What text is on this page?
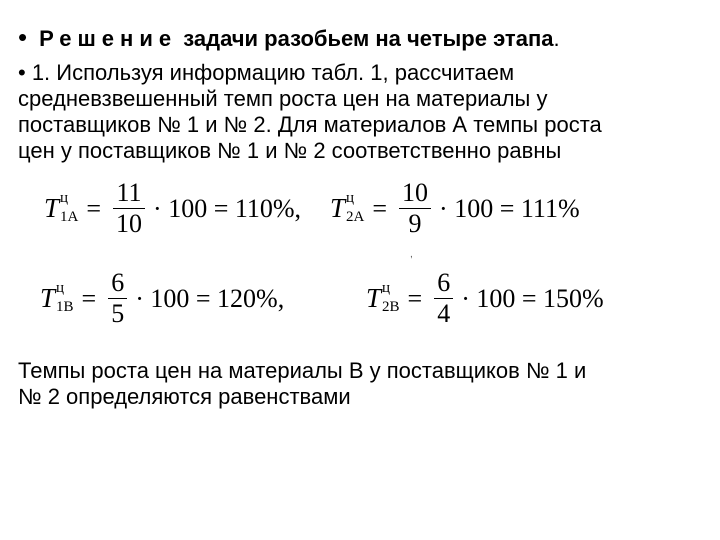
• Решение задачи разобьем на четыре этапа.
• 1. Используя информацию табл. 1, рассчитаем
средневзвешенный темп роста цен на материалы у
поставщиков № 1 и № 2. Для материалов А темпы роста
цен у поставщиков № 1 и № 2 соответственно равны
T ц
$1A = \frac{11}{10} \cdot 100 = 110\%$, T ц
$2A = \frac{10}{9} \cdot 100 = 111\%$
,
T ц
$1B = \frac{6}{5} \cdot 100 = 120\%$,	T ц
$2B = \frac{6}{4} \cdot 100 = 150\%$
Темпы роста цен на материалы В у поставщиков № 1 и
№ 2 определяются равенствами
